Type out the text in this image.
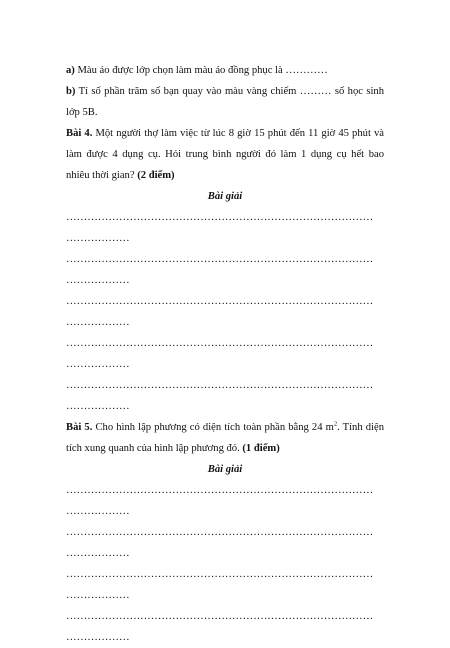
a) Màu áo được lớp chọn làm màu áo đồng phục là …………
b) Tỉ số phần trăm số bạn quay vào màu vàng chiếm ……… số học sinh
lớp 5B.
Bài 4. Một người thợ làm việc từ lúc 8 giờ 15 phút đến 11 giờ 45 phút và
làm được 4 dụng cụ. Hỏi trung bình người đó làm 1 dụng cụ hết bao
nhiêu thời gian? (2 điểm)
Bài giải
……………………………………………………………………………
………………
……………………………………………………………………………
………………
……………………………………………………………………………
………………
……………………………………………………………………………
………………
……………………………………………………………………………
………………
Bài 5. Cho hình lập phương có diện tích toàn phần bằng 24 $m^2$. Tính diện
tích xung quanh của hình lập phương đó. (1 điểm)
Bài giải
……………………………………………………………………………
………………
……………………………………………………………………………
………………
……………………………………………………………………………
………………
……………………………………………………………………………
………………
